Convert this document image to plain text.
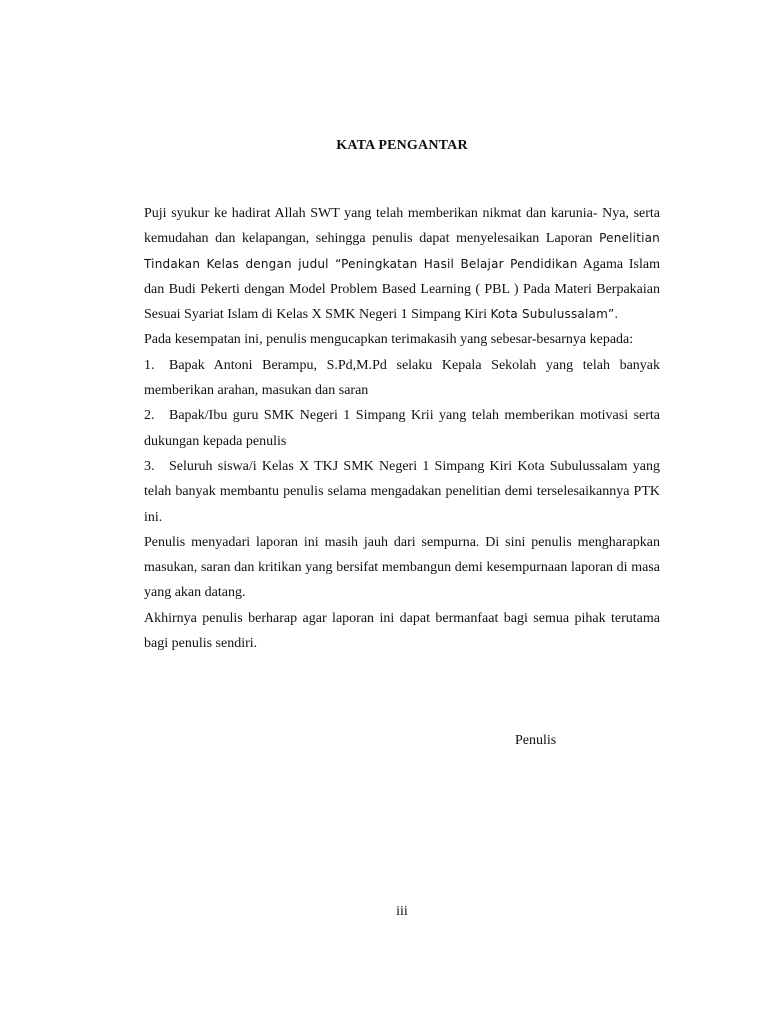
KATA PENGANTAR

Puji syukur ke hadirat Allah SWT yang telah memberikan nikmat dan karunia- Nya, serta kemudahan dan kelapangan, sehingga penulis dapat menyelesaikan Laporan Penelitian Tindakan Kelas dengan judul “Peningkatan Hasil Belajar Pendidikan Agama Islam dan Budi Pekerti dengan Model Problem Based Learning ( PBL ) Pada Materi Berpakaian Sesuai Syariat Islam di Kelas X SMK Negeri 1 Simpang Kiri Kota Subulussalam”.

Pada kesempatan ini, penulis mengucapkan terimakasih yang sebesar-besarnya kepada:

1. Bapak Antoni Berampu, S.Pd,M.Pd selaku Kepala Sekolah yang telah banyak memberikan arahan, masukan dan saran

2. Bapak/Ibu guru SMK Negeri 1 Simpang Krii yang telah memberikan motivasi serta dukungan kepada penulis

3. Seluruh siswa/i Kelas X TKJ SMK Negeri 1 Simpang Kiri Kota Subulussalam yang telah banyak membantu penulis selama mengadakan penelitian demi terselesaikannya PTK ini.

Penulis menyadari laporan ini masih jauh dari sempurna. Di sini penulis mengharapkan masukan, saran dan kritikan yang bersifat membangun demi kesempurnaan laporan di masa yang akan datang.

Akhirnya penulis berharap agar laporan ini dapat bermanfaat bagi semua pihak terutama bagi penulis sendiri.

Penulis
iii
